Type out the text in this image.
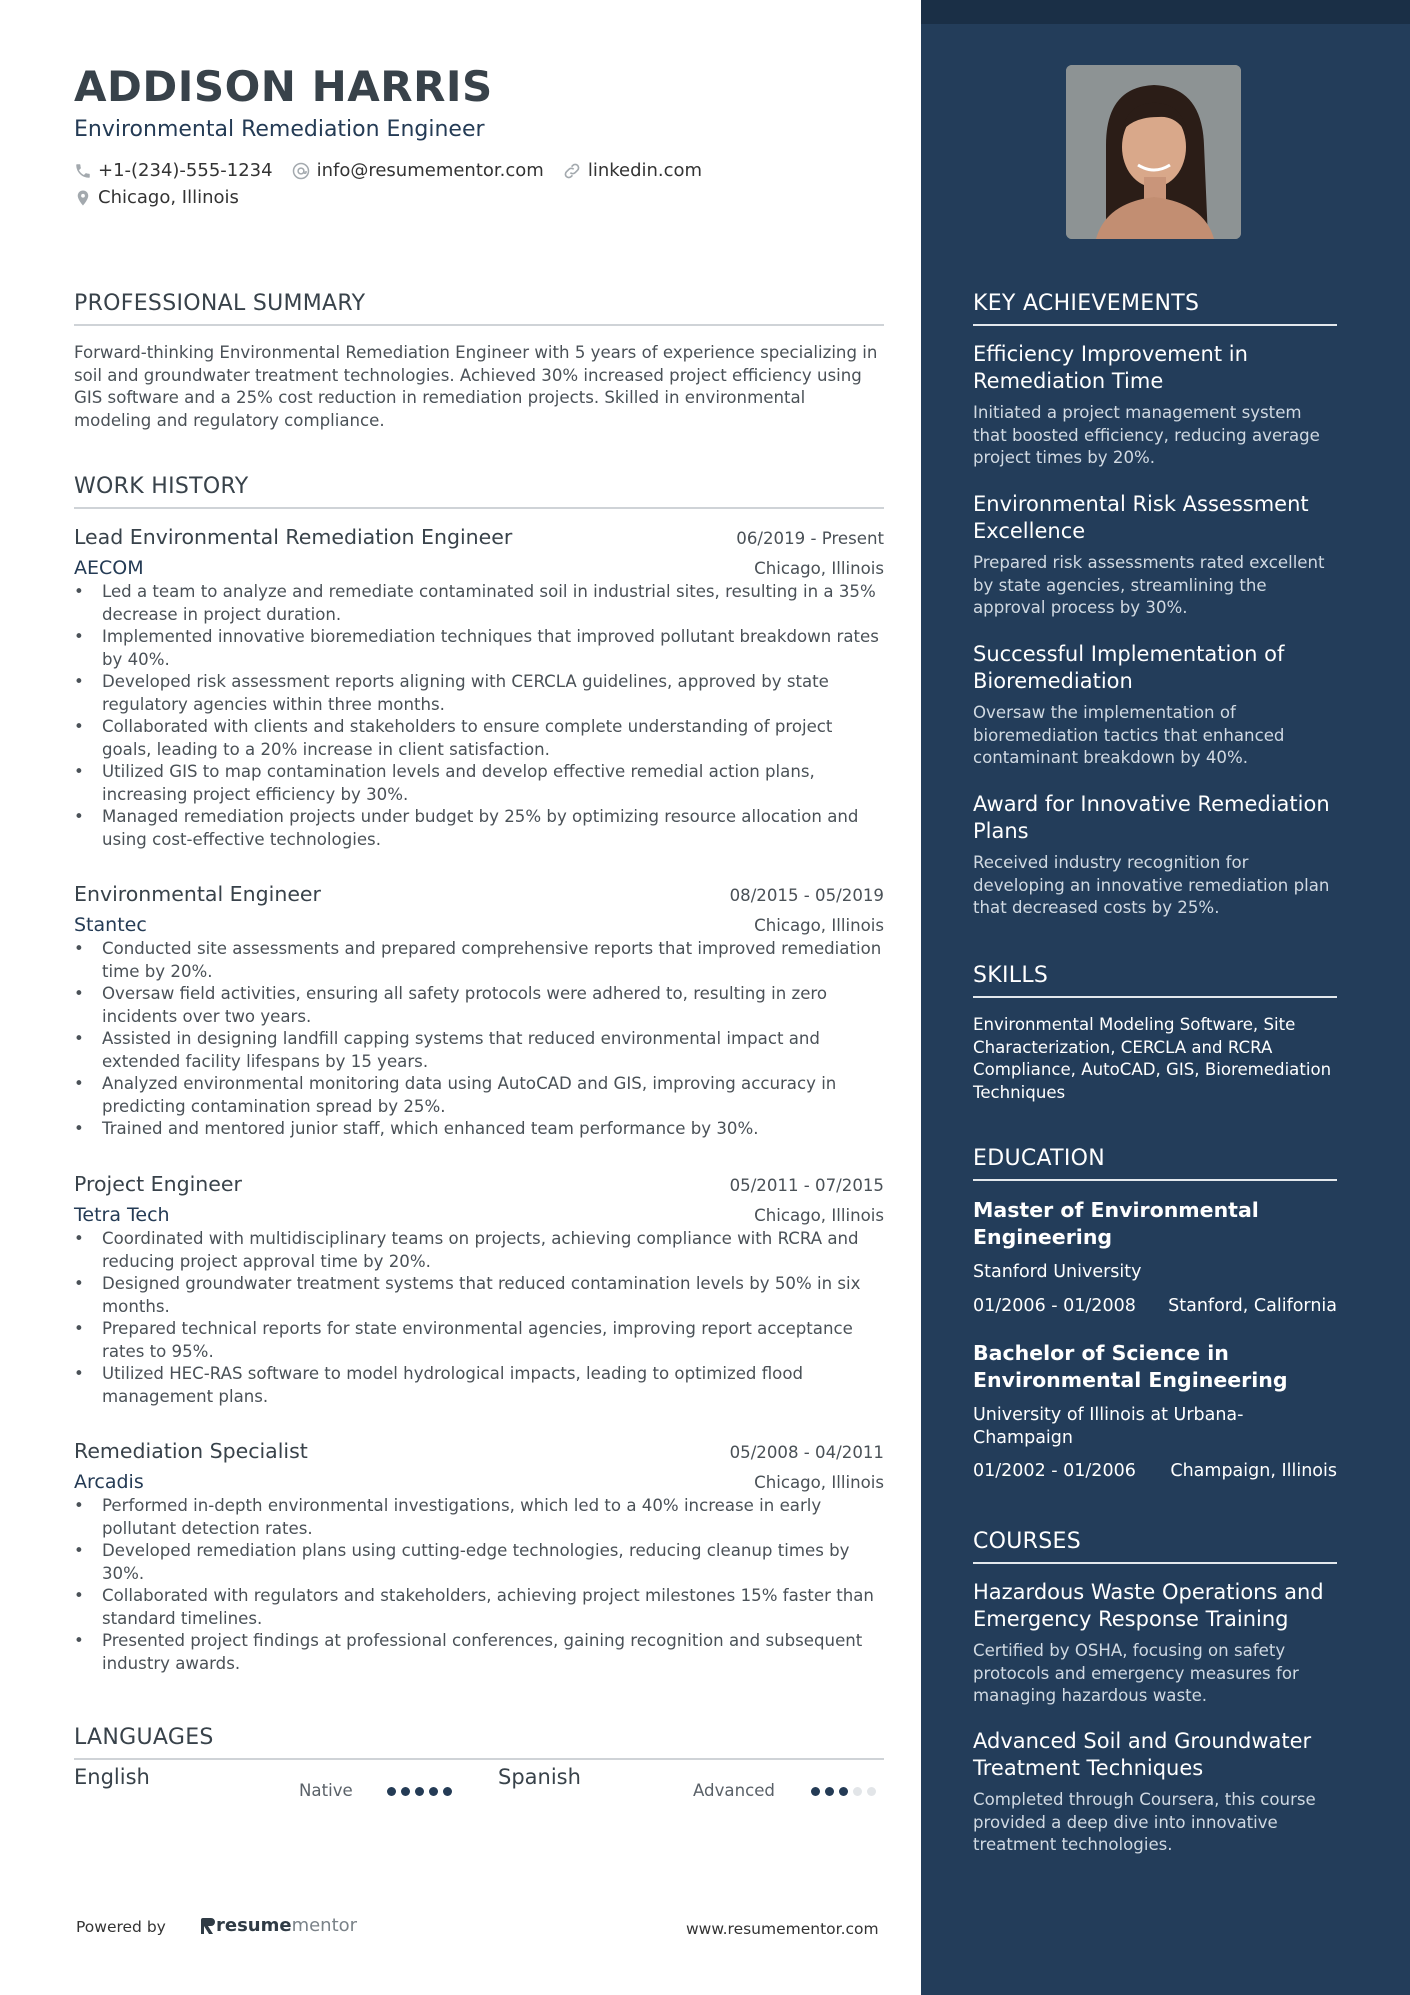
ADDISON HARRIS
Environmental Remediation Engineer
+1-(234)-555-1234 info@resumementor.com linkedin.com
Chicago, Illinois
PROFESSIONAL SUMMARY
Forward-thinking Environmental Remediation Engineer with 5 years of experience specializing in soil and groundwater treatment technologies. Achieved 30% increased project efficiency using GIS software and a 25% cost reduction in remediation projects. Skilled in environmental modeling and regulatory compliance.
WORK HISTORY
Lead Environmental Remediation Engineer	06/2019 - Present
AECOM	Chicago, Illinois
• Led a team to analyze and remediate contaminated soil in industrial sites, resulting in a 35% decrease in project duration.
• Implemented innovative bioremediation techniques that improved pollutant breakdown rates by 40%.
• Developed risk assessment reports aligning with CERCLA guidelines, approved by state regulatory agencies within three months.
• Collaborated with clients and stakeholders to ensure complete understanding of project goals, leading to a 20% increase in client satisfaction.
• Utilized GIS to map contamination levels and develop effective remedial action plans, increasing project efficiency by 30%.
• Managed remediation projects under budget by 25% by optimizing resource allocation and using cost-effective technologies.
Environmental Engineer	08/2015 - 05/2019
Stantec	Chicago, Illinois
• Conducted site assessments and prepared comprehensive reports that improved remediation time by 20%.
• Oversaw field activities, ensuring all safety protocols were adhered to, resulting in zero incidents over two years.
• Assisted in designing landfill capping systems that reduced environmental impact and extended facility lifespans by 15 years.
• Analyzed environmental monitoring data using AutoCAD and GIS, improving accuracy in predicting contamination spread by 25%.
• Trained and mentored junior staff, which enhanced team performance by 30%.
Project Engineer	05/2011 - 07/2015
Tetra Tech	Chicago, Illinois
• Coordinated with multidisciplinary teams on projects, achieving compliance with RCRA and reducing project approval time by 20%.
• Designed groundwater treatment systems that reduced contamination levels by 50% in six months.
• Prepared technical reports for state environmental agencies, improving report acceptance rates to 95%.
• Utilized HEC-RAS software to model hydrological impacts, leading to optimized flood management plans.
Remediation Specialist	05/2008 - 04/2011
Arcadis	Chicago, Illinois
• Performed in-depth environmental investigations, which led to a 40% increase in early pollutant detection rates.
• Developed remediation plans using cutting-edge technologies, reducing cleanup times by 30%.
• Collaborated with regulators and stakeholders, achieving project milestones 15% faster than standard timelines.
• Presented project findings at professional conferences, gaining recognition and subsequent industry awards.
LANGUAGES
English
Native
Spanish
Advanced
Powered by	resume mentor	www.resumementor.com
KEY ACHIEVEMENTS
Efficiency Improvement in Remediation Time
Initiated a project management system that boosted efficiency, reducing average project times by 20%.
Environmental Risk Assessment Excellence
Prepared risk assessments rated excellent by state agencies, streamlining the approval process by 30%.
Successful Implementation of Bioremediation
Oversaw the implementation of bioremediation tactics that enhanced contaminant breakdown by 40%.
Award for Innovative Remediation Plans
Received industry recognition for developing an innovative remediation plan that decreased costs by 25%.
SKILLS
Environmental Modeling Software, Site Characterization, CERCLA and RCRA Compliance, AutoCAD, GIS, Bioremediation Techniques
EDUCATION
Master of Environmental Engineering
Stanford University
01/2006 - 01/2008 Stanford, California
Bachelor of Science in Environmental Engineering
University of Illinois at Urbana-Champaign
01/2002 - 01/2006 Champaign, Illinois
COURSES
Hazardous Waste Operations and Emergency Response Training
Certified by OSHA, focusing on safety protocols and emergency measures for managing hazardous waste.
Advanced Soil and Groundwater Treatment Techniques
Completed through Coursera, this course provided a deep dive into innovative treatment technologies.
